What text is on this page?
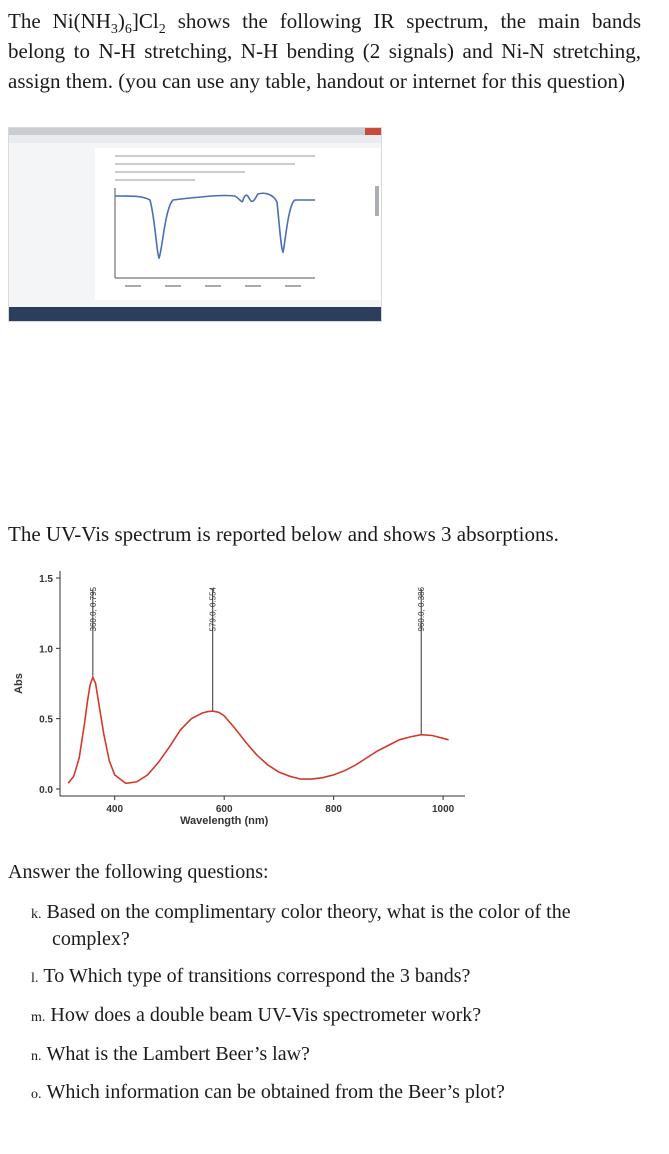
The $Ni(NH_3)_6]Cl_2$ shows the following IR spectrum, the main bands belong to N-H stretching, N-H bending (2 signals) and Ni-N stretching, assign them. (you can use any table, handout or internet for this question)

The UV-Vis spectrum is reported below and shows 3 absorptions.

Wavelength (nm)
Abs
0.0
0.5
1.0
1.5
400	600	800	1000
360.0, 0.795	579.0, 0.554	960.0, 0.386

Answer the following questions:

k. Based on the complimentary color theory, what is the color of the

complex?

l. To Which type of transitions correspond the 3 bands?

m. How does a double beam UV-Vis spectrometer work?

n. What is the Lambert Beer’s law?

o. Which information can be obtained from the Beer’s plot?
